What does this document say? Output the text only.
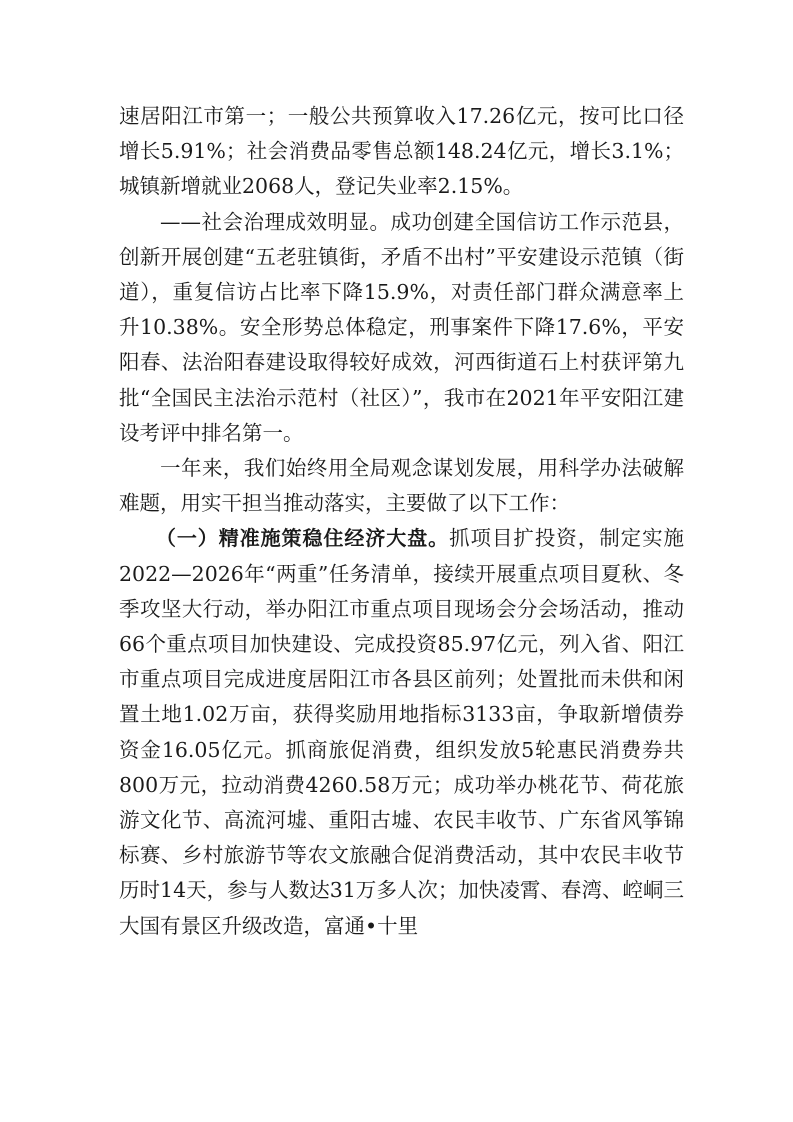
速居阳江市第一；一般公共预算收入17.26亿元，按可比口径增长5.91%；社会消费品零售总额148.24亿元，增长3.1%；城镇新增就业2068人，登记失业率2.15%。

——社会治理成效明显。成功创建全国信访工作示范县，创新开展创建“五老驻镇街，矛盾不出村”平安建设示范镇（街道），重复信访占比率下降15.9%，对责任部门群众满意率上升10.38%。安全形势总体稳定，刑事案件下降17.6%，平安阳春、法治阳春建设取得较好成效，河西街道石上村获评第九批“全国民主法治示范村（社区）”，我市在2021年平安阳江建设考评中排名第一。

一年来，我们始终用全局观念谋划发展，用科学办法破解难题，用实干担当推动落实，主要做了以下工作：

（一）精准施策稳住经济大盘。抓项目扩投资，制定实施2022—2026年“两重”任务清单，接续开展重点项目夏秋、冬季攻坚大行动，举办阳江市重点项目现场会分会场活动，推动66个重点项目加快建设、完成投资85.97亿元，列入省、阳江市重点项目完成进度居阳江市各县区前列；处置批而未供和闲置土地1.02万亩，获得奖励用地指标3133亩，争取新增债券资金16.05亿元。抓商旅促消费，组织发放5轮惠民消费券共800万元，拉动消费4260.58万元；成功举办桃花节、荷花旅游文化节、高流河墟、重阳古墟、农民丰收节、广东省风筝锦标赛、乡村旅游节等农文旅融合促消费活动，其中农民丰收节历时14天，参与人数达31万多人次；加快凌霄、春湾、崆峒三大国有景区升级改造，富通•十里
